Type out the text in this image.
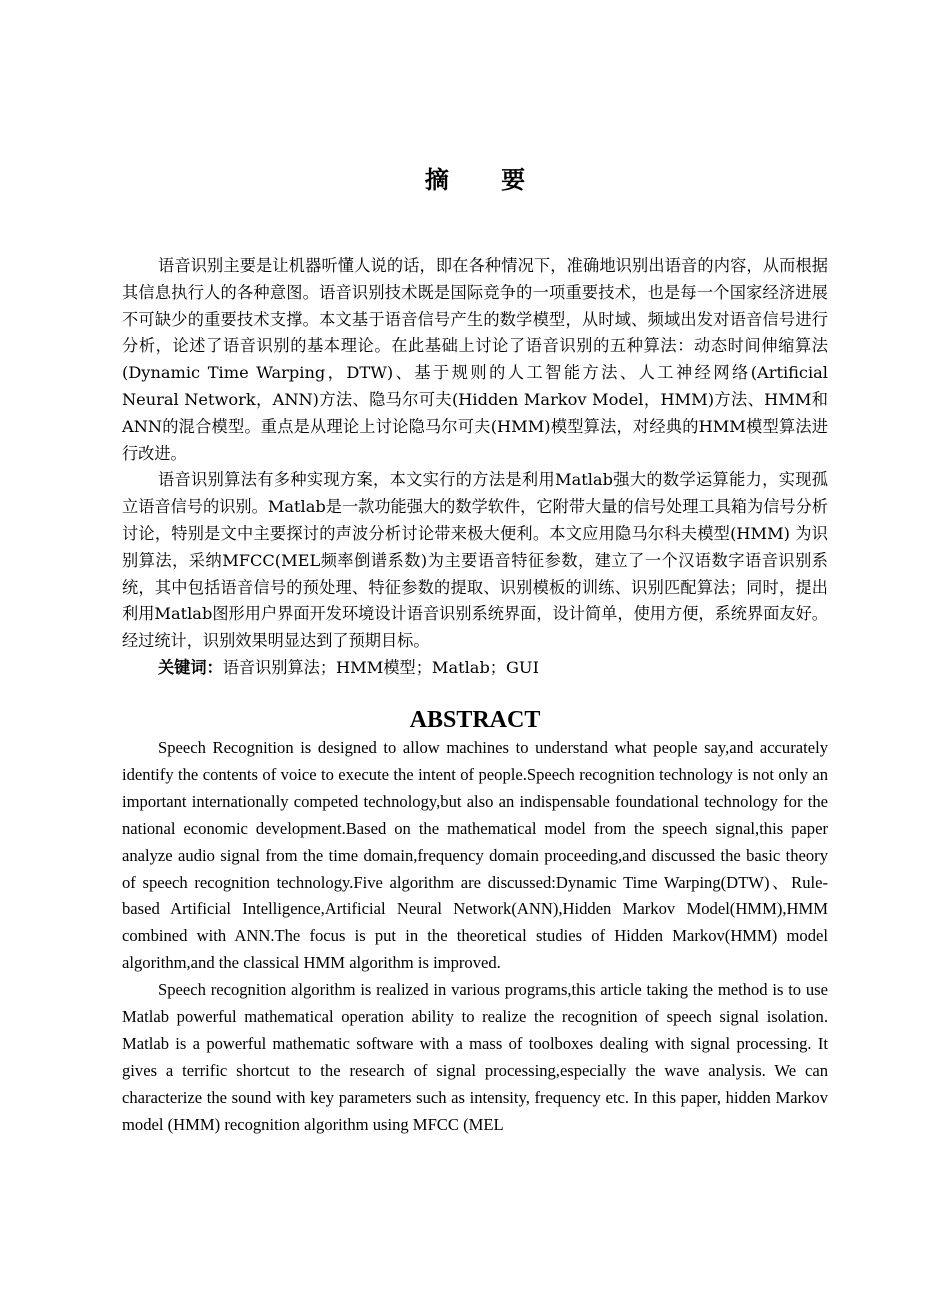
摘 要

语音识别主要是让机器听懂人说的话，即在各种情况下，准确地识别出语音的内容，从而根据其信息执行人的各种意图。语音识别技术既是国际竞争的一项重要技术，也是每一个国家经济进展不可缺少的重要技术支撑。本文基于语音信号产生的数学模型，从时域、频域出发对语音信号进行分析，论述了语音识别的基本理论。在此基础上讨论了语音识别的五种算法：动态时间伸缩算法(Dynamic Time Warping，DTW)、基于规则的人工智能方法、人工神经网络(Artificial Neural Network，ANN)方法、隐马尔可夫(Hidden Markov Model，HMM)方法、HMM和ANN的混合模型。重点是从理论上讨论隐马尔可夫(HMM)模型算法，对经典的HMM模型算法进行改进。

语音识别算法有多种实现方案，本文实行的方法是利用Matlab强大的数学运算能力，实现孤立语音信号的识别。Matlab是一款功能强大的数学软件，它附带大量的信号处理工具箱为信号分析讨论，特别是文中主要探讨的声波分析讨论带来极大便利。本文应用隐马尔科夫模型(HMM) 为识别算法，采纳MFCC(MEL频率倒谱系数)为主要语音特征参数，建立了一个汉语数字语音识别系统，其中包括语音信号的预处理、特征参数的提取、识别模板的训练、识别匹配算法；同时，提出利用Matlab图形用户界面开发环境设计语音识别系统界面，设计简单，使用方便，系统界面友好。经过统计，识别效果明显达到了预期目标。

关键词：语音识别算法；HMM模型；Matlab；GUI

ABSTRACT

Speech Recognition is designed to allow machines to understand what people say,and accurately identify the contents of voice to execute the intent of people.Speech recognition technology is not only an important internationally competed technology,but also an indispensable foundational technology for the national economic development.Based on the mathematical model from the speech signal,this paper analyze audio signal from the time domain,frequency domain proceeding,and discussed the basic theory of speech recognition technology.Five algorithm are discussed:Dynamic Time Warping(DTW)、Rule-based Artificial Intelligence,Artificial Neural Network(ANN),Hidden Markov Model(HMM),HMM combined with ANN.The focus is put in the theoretical studies of Hidden Markov(HMM) model algorithm,and the classical HMM algorithm is improved.

Speech recognition algorithm is realized in various programs,this article taking the method is to use Matlab powerful mathematical operation ability to realize the recognition of speech signal isolation. Matlab is a powerful mathematic software with a mass of toolboxes dealing with signal processing. It gives a terrific shortcut to the research of signal processing,especially the wave analysis. We can characterize the sound with key parameters such as intensity, frequency etc. In this paper, hidden Markov model (HMM) recognition algorithm using MFCC (MEL
